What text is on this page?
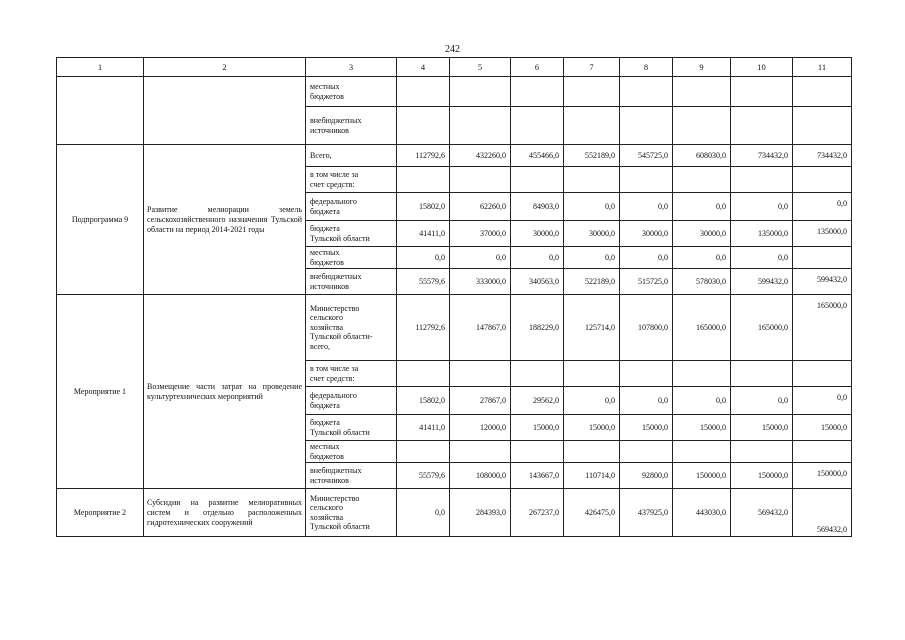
242
1	2	3	4	5	6	7	8	9	10	11

		местных
бюджетов								

		внебюджетных
источников								

Подпрограмма 9	Развитие мелиорации земель сельскохозяйственного назначения Тульской области на период 2014-2021 годы	Всего,	112792,6	432260,0	455466,0	552189,0	545725,0	608030,0	734432,0	734432,0

		в том числе за
счет средств:								

		федерального
бюджета	15802,0	62260,0	84903,0	0,0	0,0	0,0	0,0	0,0

		бюджета
Тульской области	41411,0	37000,0	30000,0	30000,0	30000,0	30000,0	135000,0	135000,0

		местных
бюджетов	0,0	0,0	0,0	0,0	0,0	0,0	0,0	

		внебюджетных
источников	55579,6	333000,0	340563,0	522189,0	515725,0	578030,0	599432,0	599432,0
Мероприятие 1	Возмещение части затрат на проведение культуртехнических мероприятий	Министерство
сельского
хозяйства
Тульской области-
всего,	112792,6	147867,0	188229,0	125714,0	107800,0	165000,0	165000,0	165000,0

		в том числе за
счет средств:								

		федерального
бюджета	15802,0	27867,0	29562,0	0,0	0,0	0,0	0,0	0,0

		бюджета
Тульской области	41411,0	12000,0	15000,0	15000,0	15000,0	15000,0	15000,0	15000,0

		местных
бюджетов								

		внебюджетных
источников	55579,6	108000,0	143667,0	110714,0	92800,0	150000,0	150000,0	150000,0
Мероприятие 2	Субсидии на развитие мелиоративных систем и отдельно расположенных гидротехнических сооружений	Министерство
сельского
хозяйства
Тульской области	0,0	284393,0	267237,0	426475,0	437925,0	443030,0	569432,0	569432,0
